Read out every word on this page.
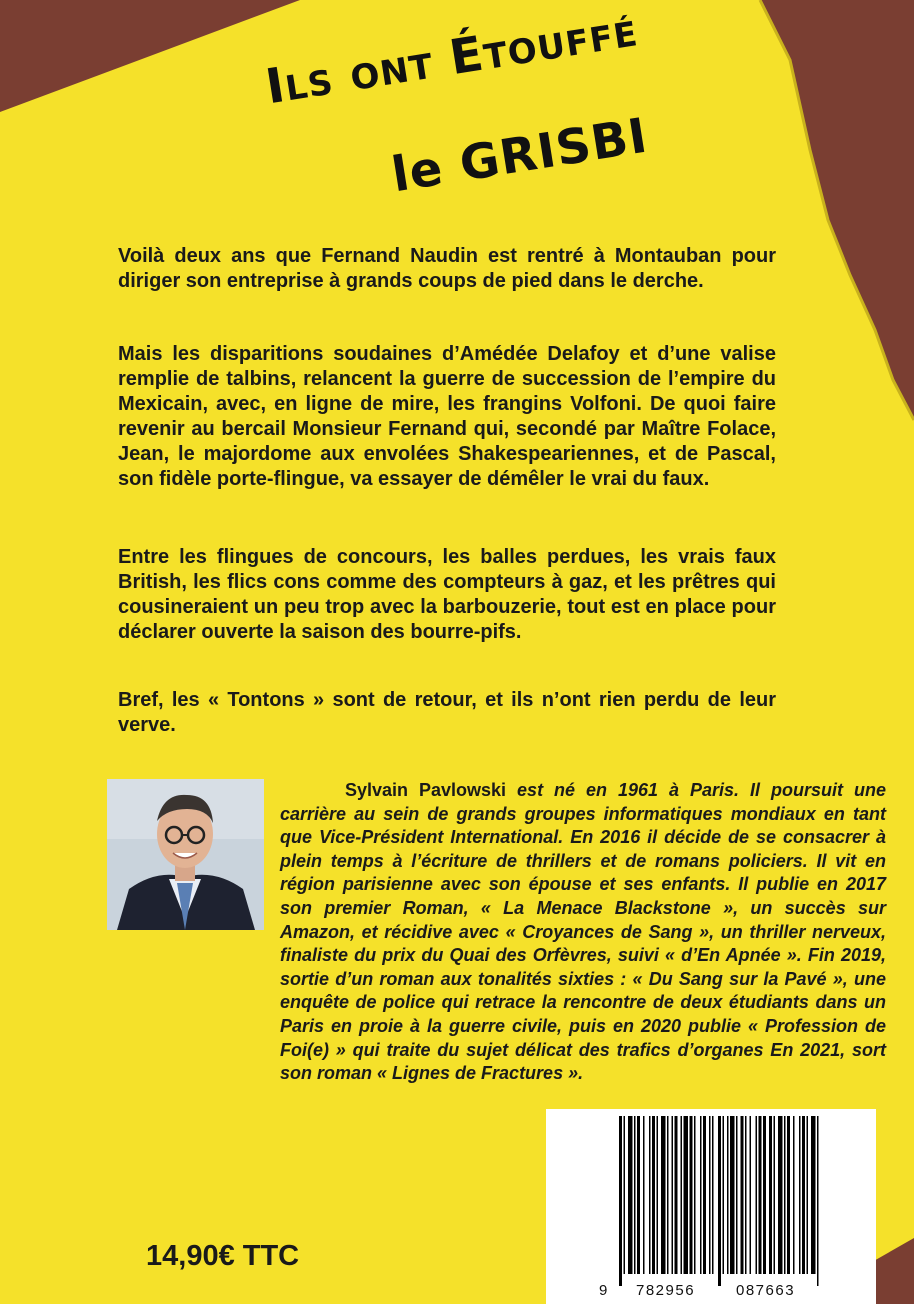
Ils ont Étouffé
le GRISBI

Voilà deux ans que Fernand Naudin est rentré à Montauban pour diriger son entreprise à grands coups de pied dans le derche.

Mais les disparitions soudaines d’Amédée Delafoy et d’une valise remplie de talbins, relancent la guerre de succession de l’empire du Mexicain, avec, en ligne de mire, les frangins Volfoni. De quoi faire revenir au bercail Monsieur Fernand qui, secondé par Maître Folace, Jean, le majordome aux envolées Shakespeariennes, et de Pascal, son fidèle porte-flingue, va essayer de démêler le vrai du faux.

Entre les flingues de concours, les balles perdues, les vrais faux British, les flics cons comme des compteurs à gaz, et les prêtres qui cousineraient un peu trop avec la barbouzerie, tout est en place pour déclarer ouverte la saison des bourre-pifs.

Bref, les « Tontons » sont de retour, et ils n’ont rien perdu de leur verve.

Sylvain Pavlowski est né en 1961 à Paris. Il poursuit une carrière au sein de grands groupes informatiques mondiaux en tant que Vice-Président International. En 2016 il décide de se consacrer à plein temps à l’écriture de thrillers et de romans policiers. Il vit en région parisienne avec son épouse et ses enfants. Il publie en 2017 son premier Roman, « La Menace Blackstone », un succès sur Amazon, et récidive avec « Croyances de Sang », un thriller nerveux, finaliste du prix du Quai des Orfèvres, suivi « d’En Apnée ». Fin 2019, sortie d’un roman aux tonalités sixties : « Du Sang sur la Pavé », une enquête de police qui retrace la rencontre de deux étudiants dans un Paris en proie à la guerre civile, puis en 2020 publie « Profession de Foi(e) » qui traite du sujet délicat des trafics d’organes En 2021, sort son roman « Lignes de Fractures ».

9 782956	087663
14,90€ TTC
